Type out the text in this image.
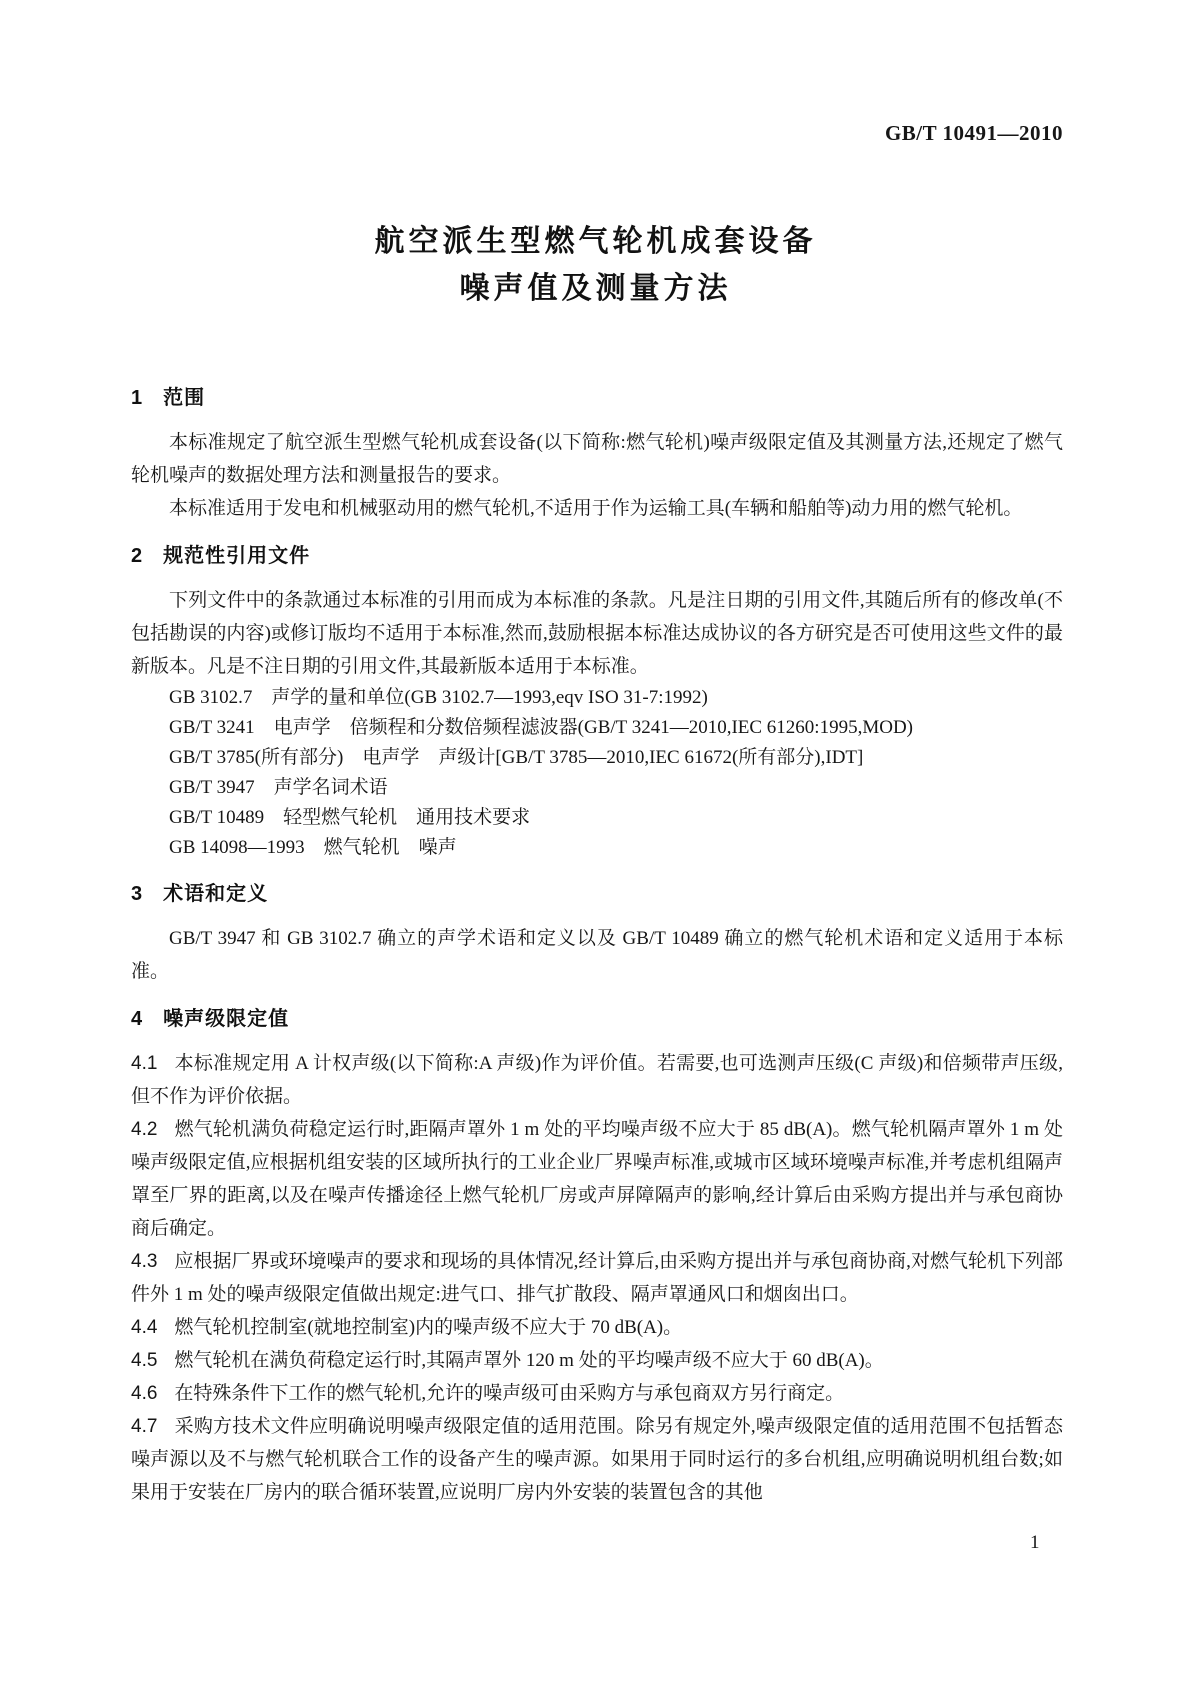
GB/T 10491—2010
航空派生型燃气轮机成套设备
噪声值及测量方法
1 范围

本标准规定了航空派生型燃气轮机成套设备(以下简称:燃气轮机)噪声级限定值及其测量方法,还规定了燃气轮机噪声的数据处理方法和测量报告的要求。

本标准适用于发电和机械驱动用的燃气轮机,不适用于作为运输工具(车辆和船舶等)动力用的燃气轮机。

2 规范性引用文件

下列文件中的条款通过本标准的引用而成为本标准的条款。凡是注日期的引用文件,其随后所有的修改单(不包括勘误的内容)或修订版均不适用于本标准,然而,鼓励根据本标准达成协议的各方研究是否可使用这些文件的最新版本。凡是不注日期的引用文件,其最新版本适用于本标准。

GB 3102.7　声学的量和单位(GB 3102.7—1993,eqv ISO 31-7:1992)

GB/T 3241　电声学　倍频程和分数倍频程滤波器(GB/T 3241—2010,IEC 61260:1995,MOD)

GB/T 3785(所有部分)　电声学　声级计[GB/T 3785—2010,IEC 61672(所有部分),IDT]

GB/T 3947　声学名词术语

GB/T 10489　轻型燃气轮机　通用技术要求

GB 14098—1993　燃气轮机　噪声

3 术语和定义

GB/T 3947 和 GB 3102.7 确立的声学术语和定义以及 GB/T 10489 确立的燃气轮机术语和定义适用于本标准。

4 噪声级限定值

4.1 本标准规定用 A 计权声级(以下简称:A 声级)作为评价值。若需要,也可选测声压级(C 声级)和倍频带声压级,但不作为评价依据。

4.2 燃气轮机满负荷稳定运行时,距隔声罩外 1 m 处的平均噪声级不应大于 85 dB(A)。燃气轮机隔声罩外 1 m 处噪声级限定值,应根据机组安装的区域所执行的工业企业厂界噪声标准,或城市区域环境噪声标准,并考虑机组隔声罩至厂界的距离,以及在噪声传播途径上燃气轮机厂房或声屏障隔声的影响,经计算后由采购方提出并与承包商协商后确定。

4.3 应根据厂界或环境噪声的要求和现场的具体情况,经计算后,由采购方提出并与承包商协商,对燃气轮机下列部件外 1 m 处的噪声级限定值做出规定:进气口、排气扩散段、隔声罩通风口和烟囱出口。

4.4 燃气轮机控制室(就地控制室)内的噪声级不应大于 70 dB(A)。

4.5 燃气轮机在满负荷稳定运行时,其隔声罩外 120 m 处的平均噪声级不应大于 60 dB(A)。

4.6 在特殊条件下工作的燃气轮机,允许的噪声级可由采购方与承包商双方另行商定。

4.7 采购方技术文件应明确说明噪声级限定值的适用范围。除另有规定外,噪声级限定值的适用范围不包括暂态噪声源以及不与燃气轮机联合工作的设备产生的噪声源。如果用于同时运行的多台机组,应明确说明机组台数;如果用于安装在厂房内的联合循环装置,应说明厂房内外安装的装置包含的其他

1
